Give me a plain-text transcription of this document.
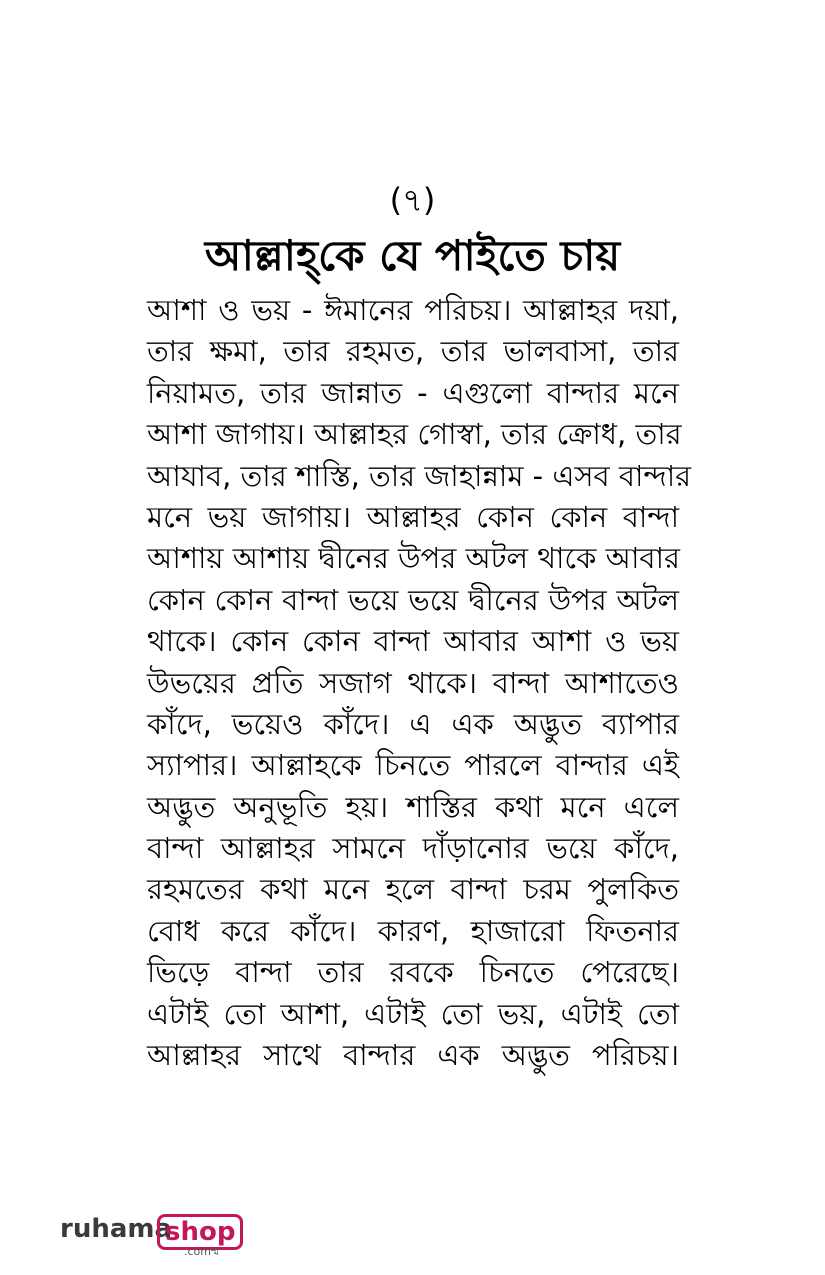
(৭)
আল্লাহ্‌কে যে পাইতে চায়
আশা ও ভয় - ঈমানের পরিচয়। আল্লাহর দয়া,
তার ক্ষমা, তার রহমত, তার ভালবাসা, তার
নিয়ামত, তার জান্নাত - এগুলো বান্দার মনে
আশা জাগায়। আল্লাহর গোস্বা, তার ক্রোধ, তার
আযাব, তার শাস্তি, তার জাহান্নাম - এসব বান্দার
মনে ভয় জাগায়। আল্লাহর কোন কোন বান্দা
আশায় আশায় দ্বীনের উপর অটল থাকে আবার
কোন কোন বান্দা ভয়ে ভয়ে দ্বীনের উপর অটল
থাকে। কোন কোন বান্দা আবার আশা ও ভয়
উভয়ের প্রতি সজাগ থাকে। বান্দা আশাতেও
কাঁদে, ভয়েও কাঁদে। এ এক অদ্ভুত ব্যাপার
স্যাপার। আল্লাহকে চিনতে পারলে বান্দার এই
অদ্ভুত অনুভূতি হয়। শাস্তির কথা মনে এলে
বান্দা আল্লাহর সামনে দাঁড়ানোর ভয়ে কাঁদে,
রহমতের কথা মনে হলে বান্দা চরম পুলকিত
বোধ করে কাঁদে। কারণ, হাজারো ফিতনার
ভিড়ে বান্দা তার রবকে চিনতে পেরেছে।
এটাই তো আশা, এটাই তো ভয়, এটাই তো
আল্লাহর সাথে বান্দার এক অদ্ভুত পরিচয়।
ruhama
shop
.comম্ম
